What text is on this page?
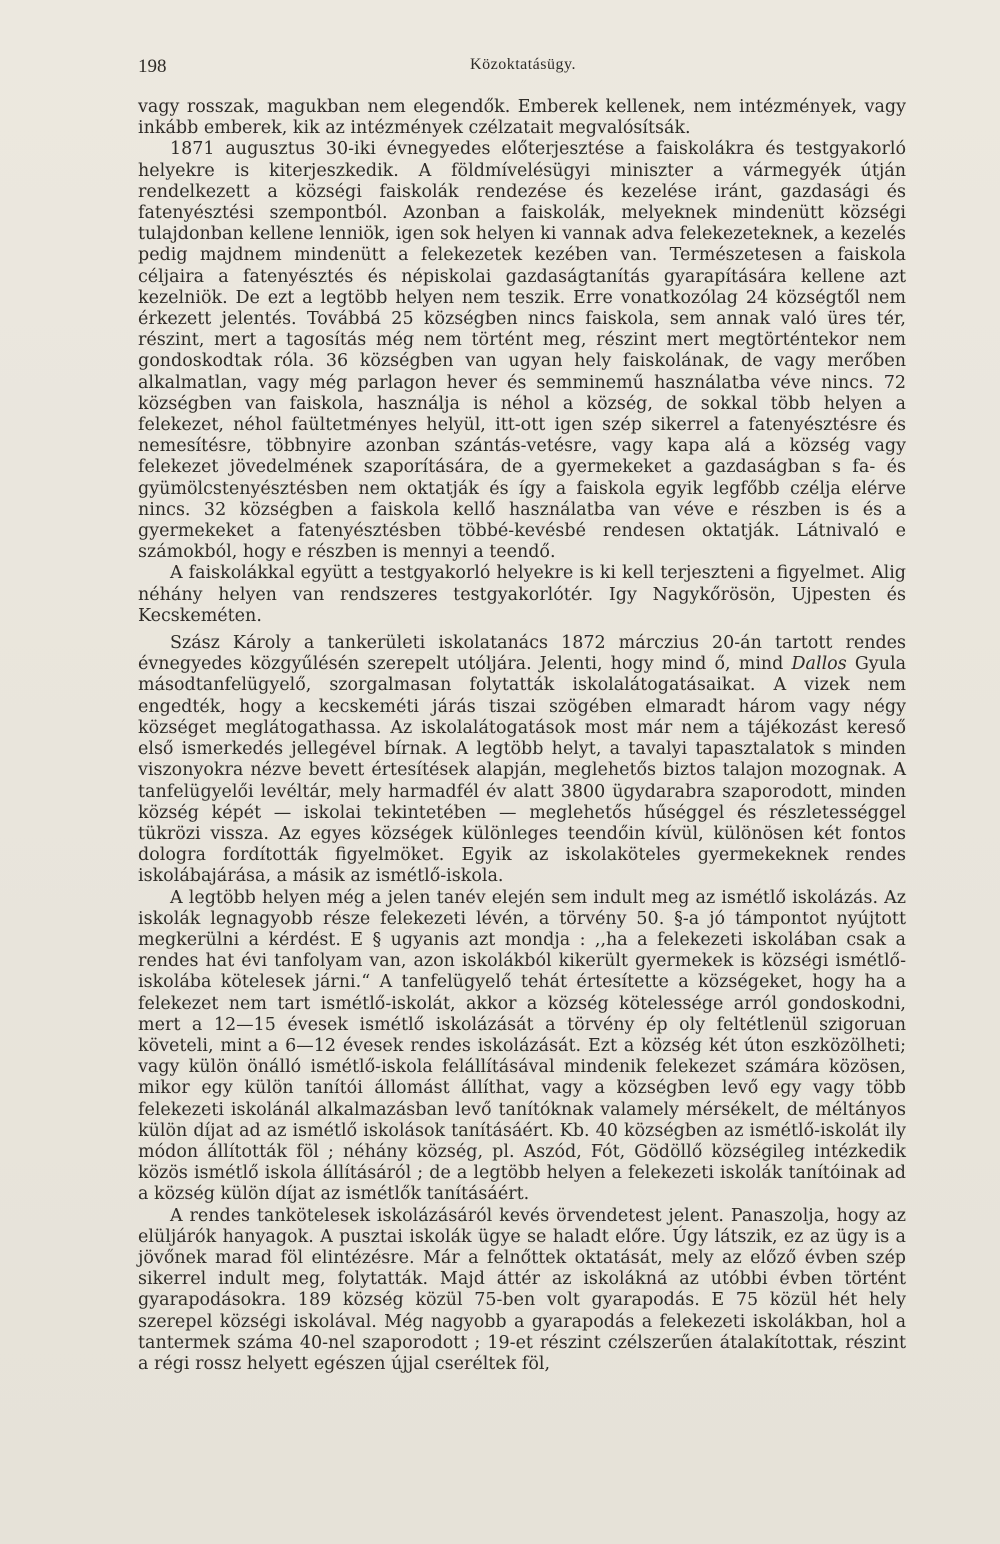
198	Közoktatásügy.

vagy rosszak, magukban nem elegendők. Emberek kellenek, nem intézmények, vagy inkább emberek, kik az intézmények czélzatait megvalósítsák.

1871 augusztus 30-iki évnegyedes előterjesztése a faiskolákra és testgyakorló helyekre is kiterjeszkedik. A földmívelésügyi miniszter a vármegyék útján rendelkezett a községi faiskolák rendezése és kezelése iránt, gazdasági és fatenyésztési szempontból. Azonban a faiskolák, melyeknek mindenütt községi tulajdonban kellene lenniök, igen sok helyen ki vannak adva felekezeteknek, a kezelés pedig majdnem mindenütt a felekezetek kezében van. Természetesen a faiskola céljaira a fatenyésztés és népiskolai gazdaságtanítás gyarapítására kellene azt kezelniök. De ezt a legtöbb helyen nem teszik. Erre vonatkozólag 24 községtől nem érkezett jelentés. Továbbá 25 községben nincs faiskola, sem annak való üres tér, részint, mert a tagosítás még nem történt meg, részint mert megtörténtekor nem gondoskodtak róla. 36 községben van ugyan hely faiskolának, de vagy merőben alkalmatlan, vagy még parlagon hever és semminemű használatba véve nincs. 72 községben van faiskola, használja is néhol a község, de sokkal több helyen a felekezet, néhol faültetményes helyül, itt-ott igen szép sikerrel a fatenyésztésre és nemesítésre, többnyire azonban szántás-vetésre, vagy kapa alá a község vagy felekezet jövedelmének szaporítására, de a gyermekeket a gazdaságban s fa- és gyümölcstenyésztésben nem oktatják és így a faiskola egyik legfőbb czélja elérve nincs. 32 községben a faiskola kellő használatba van véve e részben is és a gyermekeket a fatenyésztésben többé-kevésbé rendesen oktatják. Látnivaló e számokból, hogy e részben is mennyi a teendő.

A faiskolákkal együtt a testgyakorló helyekre is ki kell terjeszteni a figyelmet. Alig néhány helyen van rendszeres testgyakorlótér. Igy Nagykőrösön, Ujpesten és Kecskeméten.

Szász Károly a tankerületi iskolatanács 1872 márczius 20-án tartott rendes évnegyedes közgyűlésén szerepelt utóljára. Jelenti, hogy mind ő, mind Dallos Gyula másodtanfelügyelő, szorgalmasan folytatták iskolalátogatásaikat. A vizek nem engedték, hogy a kecskeméti járás tiszai szögében elmaradt három vagy négy községet meglátogathassa. Az iskolalátogatások most már nem a tájékozást kereső első ismerkedés jellegével bírnak. A legtöbb helyt, a tavalyi tapasztalatok s minden viszonyokra nézve bevett értesítések alapján, meglehetős biztos talajon mozognak. A tanfelügyelői levéltár, mely harmadfél év alatt 3800 ügydarabra szaporodott, minden község képét — iskolai tekintetében — meglehetős hűséggel és részletességgel tükrözi vissza. Az egyes községek különleges teendőin kívül, különösen két fontos dologra fordították figyelmöket. Egyik az iskolaköteles gyermekeknek rendes iskolábajárása, a másik az ismétlő-iskola.

A legtöbb helyen még a jelen tanév elején sem indult meg az ismétlő iskolázás. Az iskolák legnagyobb része felekezeti lévén, a törvény 50. §-a jó támpontot nyújtott megkerülni a kérdést. E § ugyanis azt mondja : ,,ha a felekezeti iskolában csak a rendes hat évi tanfolyam van, azon iskolákból kikerült gyermekek is községi ismétlő-iskolába kötelesek járni.“ A tanfelügyelő tehát értesítette a községeket, hogy ha a felekezet nem tart ismétlő-iskolát, akkor a község kötelessége arról gondoskodni, mert a 12—15 évesek ismétlő iskolázását a törvény ép oly feltétlenül szigoruan követeli, mint a 6—12 évesek rendes iskolázását. Ezt a község két úton eszközölheti; vagy külön önálló ismétlő-iskola felállításával mindenik felekezet számára közösen, mikor egy külön tanítói állomást állíthat, vagy a községben levő egy vagy több felekezeti iskolánál alkalmazásban levő tanítóknak valamely mérsékelt, de méltányos külön díjat ad az ismétlő iskolások tanításáért. Kb. 40 községben az ismétlő-iskolát ily módon állították föl ; néhány község, pl. Aszód, Fót, Gödöllő községileg intézkedik közös ismétlő iskola állításáról ; de a legtöbb helyen a felekezeti iskolák tanítóinak ad a község külön díjat az ismétlők tanításáért.

A rendes tankötelesek iskolázásáról kevés örvendetest jelent. Panaszolja, hogy az elüljárók hanyagok. A pusztai iskolák ügye se haladt előre. Úgy látszik, ez az ügy is a jövőnek marad föl elintézésre. Már a felnőttek oktatását, mely az előző évben szép sikerrel indult meg, folytatták. Majd áttér az iskolákná az utóbbi évben történt gyarapodásokra. 189 község közül 75-ben volt gyarapodás. E 75 közül hét hely szerepel községi iskolával. Még nagyobb a gyarapodás a felekezeti iskolákban, hol a tantermek száma 40-nel szaporodott ; 19-et részint czélszerűen átalakítottak, részint a régi rossz helyett egészen újjal cseréltek föl,
